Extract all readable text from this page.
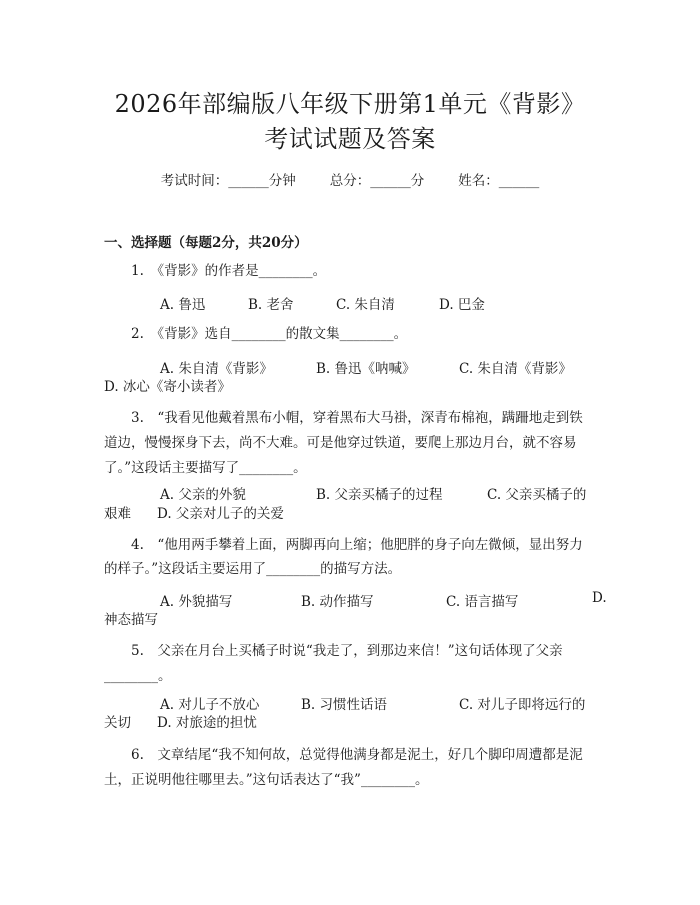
2026年部编版八年级下册第1单元《背影》
考试试题及答案
考试时间：______分钟	总分：______分	姓名：______
一、选择题（每题2分，共20分）
1.　《背影》的作者是________。
A. 鲁迅	B. 老舍	C. 朱自清	D. 巴金
2.　《背影》选自________的散文集________。
A. 朱自清《背影》	B. 鲁迅《呐喊》	C. 朱自清《背影》
D. 冰心《寄小读者》
3.　“我看见他戴着黑布小帽，穿着黑布大马褂，深青布棉袍，蹒跚地走到铁
道边，慢慢探身下去，尚不大难。可是他穿过铁道，要爬上那边月台，就不容易
了。”这段话主要描写了________。
A. 父亲的外貌	B. 父亲买橘子的过程	C. 父亲买橘子的
艰难 D. 父亲对儿子的关爱
4.　“他用两手攀着上面，两脚再向上缩；他肥胖的身子向左微倾，显出努力
的样子。”这段话主要运用了________的描写方法。
A. 外貌描写	B. 动作描写	C. 语言描写	D.
神态描写
5.　父亲在月台上买橘子时说“我走了，到那边来信！”这句话体现了父亲
________。
A. 对儿子不放心	B. 习惯性话语	C. 对儿子即将远行的
关切 D. 对旅途的担忧
6.　文章结尾“我不知何故，总觉得他满身都是泥土，好几个脚印周遭都是泥
土，正说明他往哪里去。”这句话表达了“我”________。
